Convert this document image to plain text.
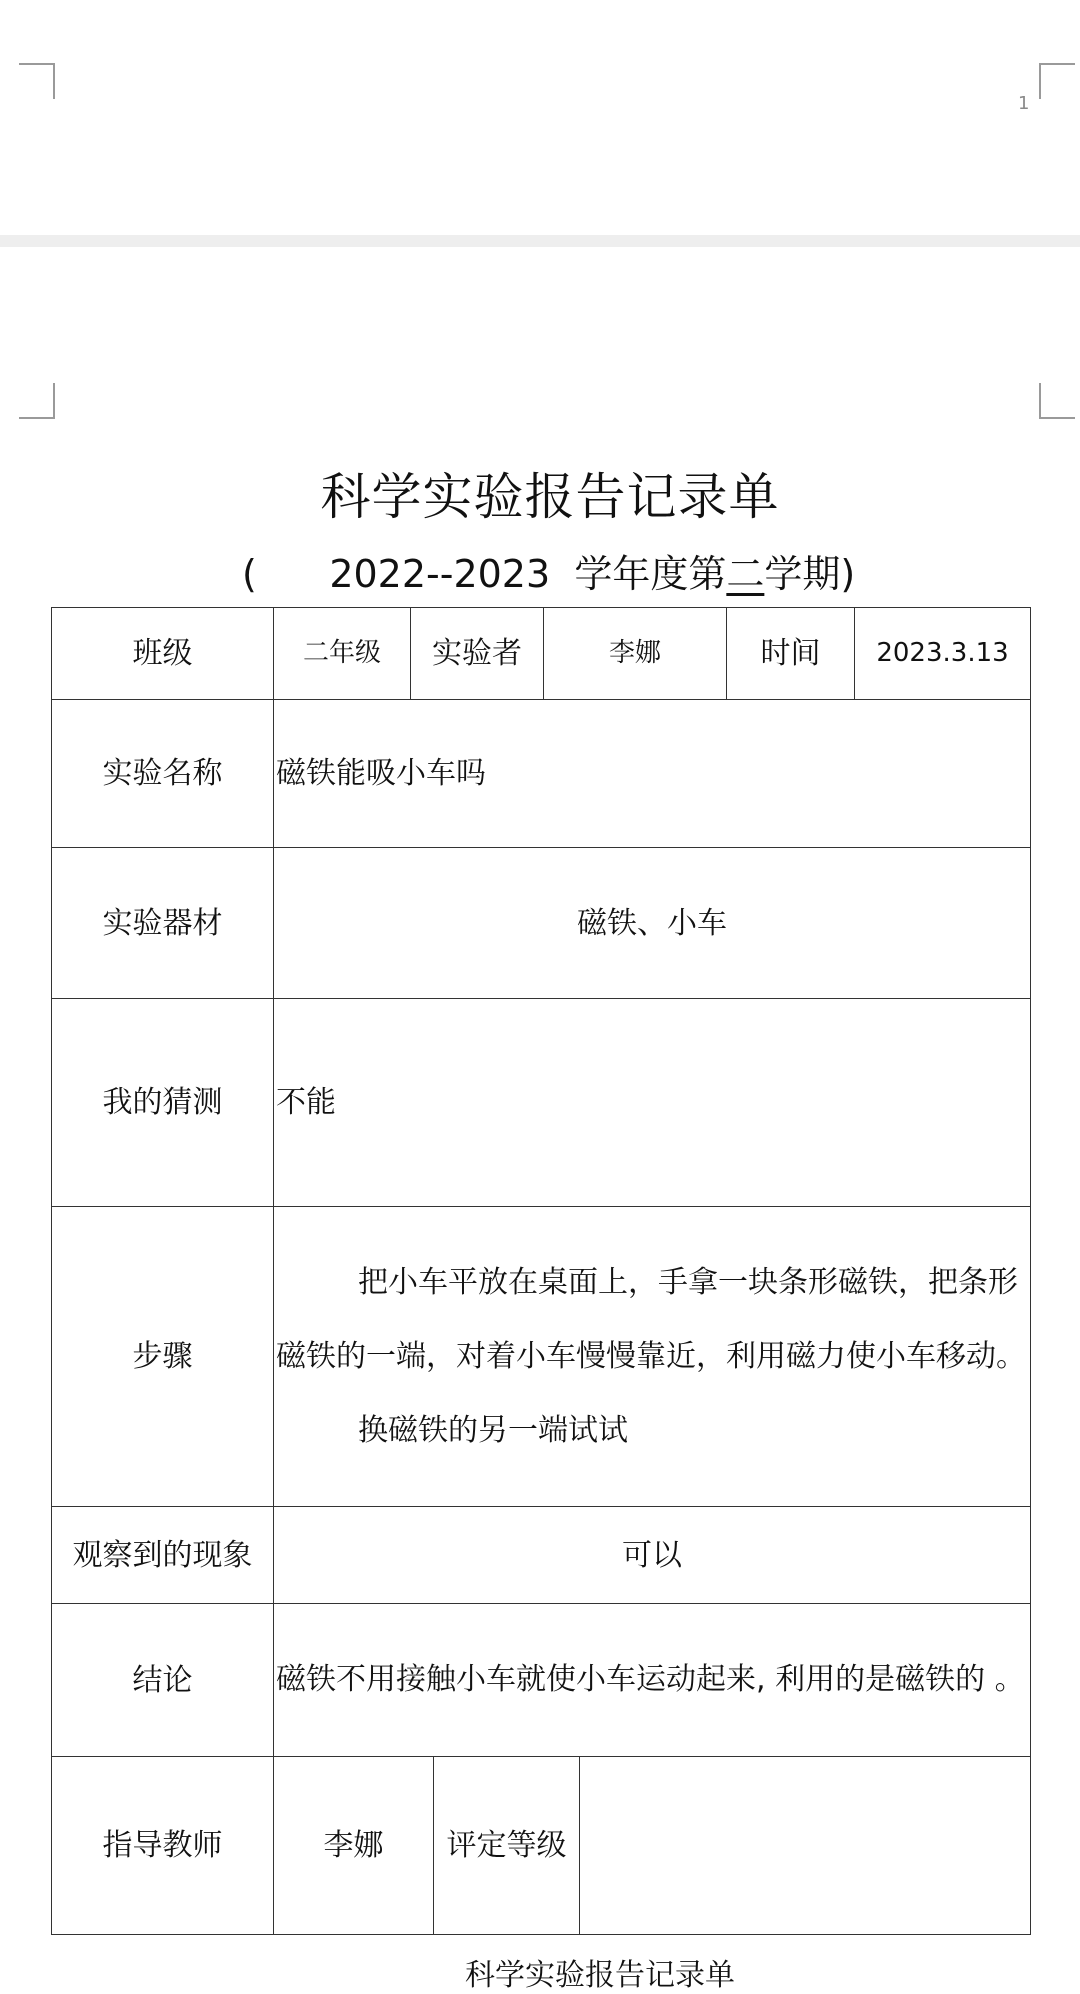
1
科学实验报告记录单
( 2022--2023 学年度第二学期)
班级	二年级	实验者		李娜		时间	2023.3.13
实验名称	磁铁能吸小车吗						
实验器材	磁铁、小车						
我的猜测	不能						
步骤	把小车平放在桌面上，手拿一块条形磁铁，把条形磁铁的一端，对着小车慢慢靠近，利用磁力使小车移动。
换磁铁的另一端试试						

观察到的现象	可以						
结论	磁铁不用接触小车就使小车运动起来, 利用的是磁铁的 。						

指导教师	李娜		评定等级				
科学实验报告记录单
